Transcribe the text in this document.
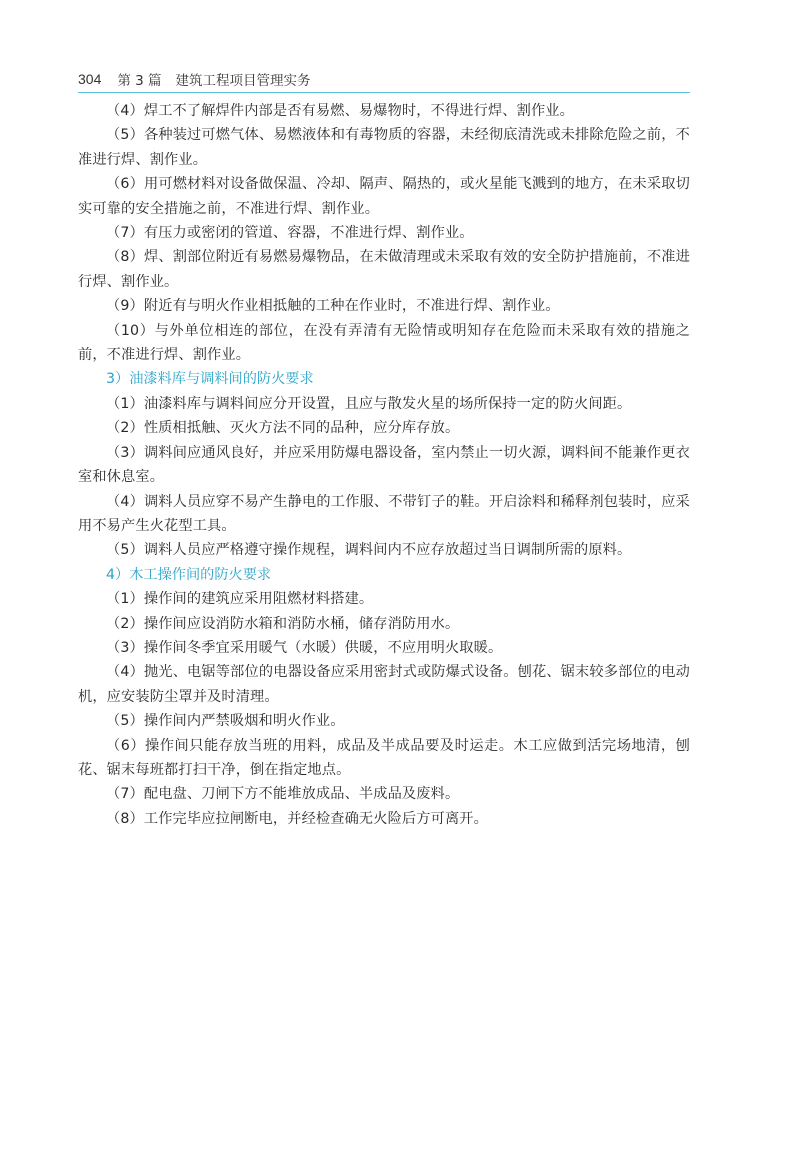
304 第 3 篇 建筑工程项目管理实务

（4）焊工不了解焊件内部是否有易燃、易爆物时，不得进行焊、割作业。

（5）各种装过可燃气体、易燃液体和有毒物质的容器，未经彻底清洗或未排除危险之前，不准进行焊、割作业。

（6）用可燃材料对设备做保温、冷却、隔声、隔热的，或火星能飞溅到的地方，在未采取切实可靠的安全措施之前，不准进行焊、割作业。

（7）有压力或密闭的管道、容器，不准进行焊、割作业。

（8）焊、割部位附近有易燃易爆物品，在未做清理或未采取有效的安全防护措施前，不准进行焊、割作业。

（9）附近有与明火作业相抵触的工种在作业时，不准进行焊、割作业。

（10）与外单位相连的部位，在没有弄清有无险情或明知存在危险而未采取有效的措施之前，不准进行焊、割作业。

3）油漆料库与调料间的防火要求

（1）油漆料库与调料间应分开设置，且应与散发火星的场所保持一定的防火间距。

（2）性质相抵触、灭火方法不同的品种，应分库存放。

（3）调料间应通风良好，并应采用防爆电器设备，室内禁止一切火源，调料间不能兼作更衣室和休息室。

（4）调料人员应穿不易产生静电的工作服、不带钉子的鞋。开启涂料和稀释剂包装时，应采用不易产生火花型工具。

（5）调料人员应严格遵守操作规程，调料间内不应存放超过当日调制所需的原料。

4）木工操作间的防火要求

（1）操作间的建筑应采用阻燃材料搭建。

（2）操作间应设消防水箱和消防水桶，储存消防用水。

（3）操作间冬季宜采用暖气（水暖）供暖，不应用明火取暖。

（4）抛光、电锯等部位的电器设备应采用密封式或防爆式设备。刨花、锯末较多部位的电动机，应安装防尘罩并及时清理。

（5）操作间内严禁吸烟和明火作业。

（6）操作间只能存放当班的用料，成品及半成品要及时运走。木工应做到活完场地清，刨花、锯末每班都打扫干净，倒在指定地点。

（7）配电盘、刀闸下方不能堆放成品、半成品及废料。

（8）工作完毕应拉闸断电，并经检查确无火险后方可离开。
